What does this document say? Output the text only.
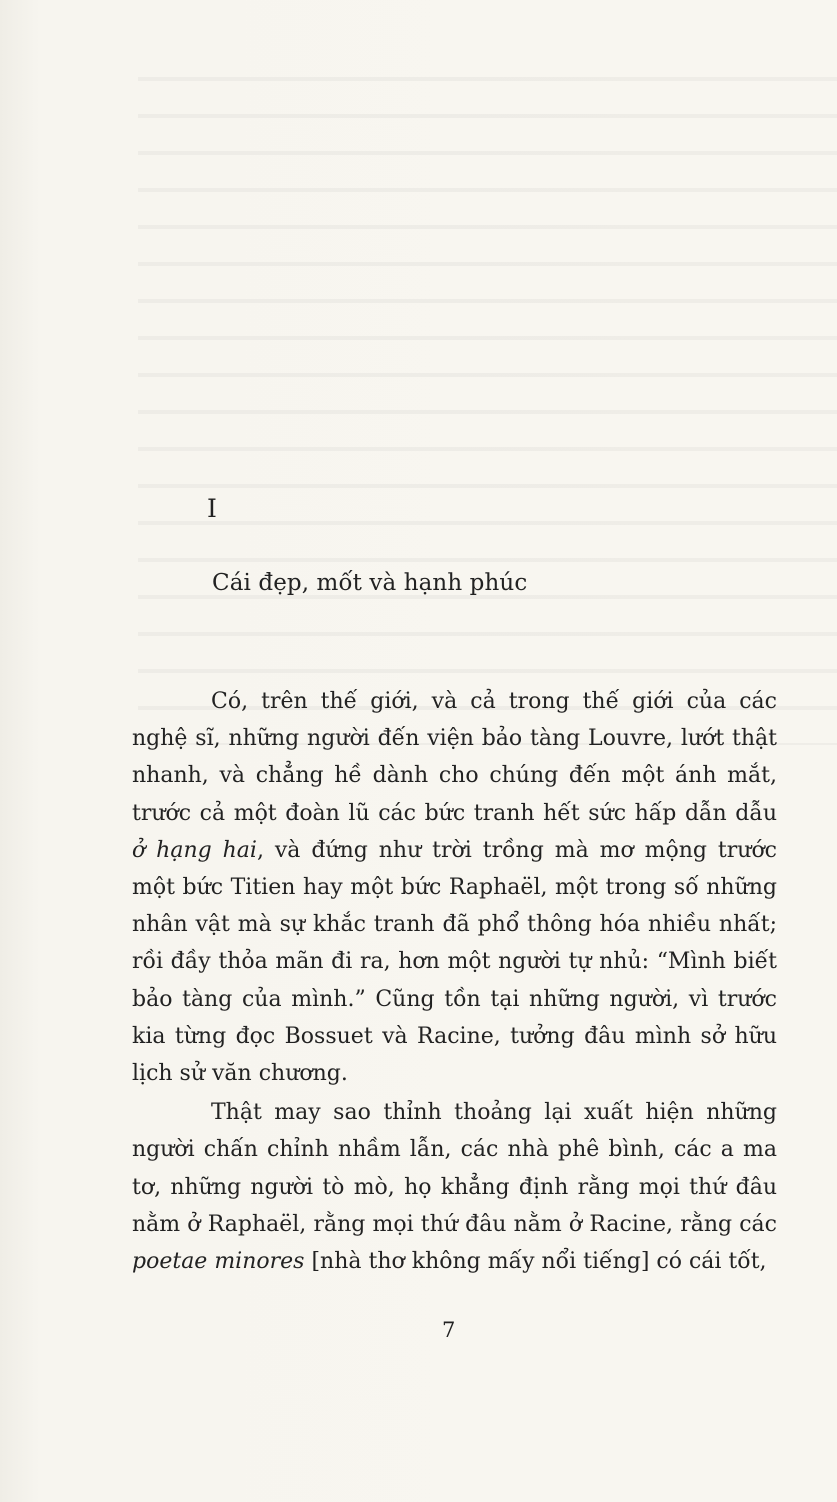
I
Cái đẹp, mốt và hạnh phúc

Có, trên thế giới, và cả trong thế giới của các nghệ sĩ, những người đến viện bảo tàng Louvre, lướt thật nhanh, và chẳng hề dành cho chúng đến một ánh mắt, trước cả một đoàn lũ các bức tranh hết sức hấp dẫn dẫu ở hạng hai, và đứng như trời trồng mà mơ mộng trước một bức Titien hay một bức Raphaël, một trong số những nhân vật mà sự khắc tranh đã phổ thông hóa nhiều nhất; rồi đầy thỏa mãn đi ra, hơn một người tự nhủ: “Mình biết bảo tàng của mình.” Cũng tồn tại những người, vì trước kia từng đọc Bossuet và Racine, tưởng đâu mình sở hữu lịch sử văn chương.

Thật may sao thỉnh thoảng lại xuất hiện những người chấn chỉnh nhầm lẫn, các nhà phê bình, các a ma tơ, những người tò mò, họ khẳng định rằng mọi thứ đâu nằm ở Raphaël, rằng mọi thứ đâu nằm ở Racine, rằng các poetae minores [nhà thơ không mấy nổi tiếng] có cái tốt,

7
